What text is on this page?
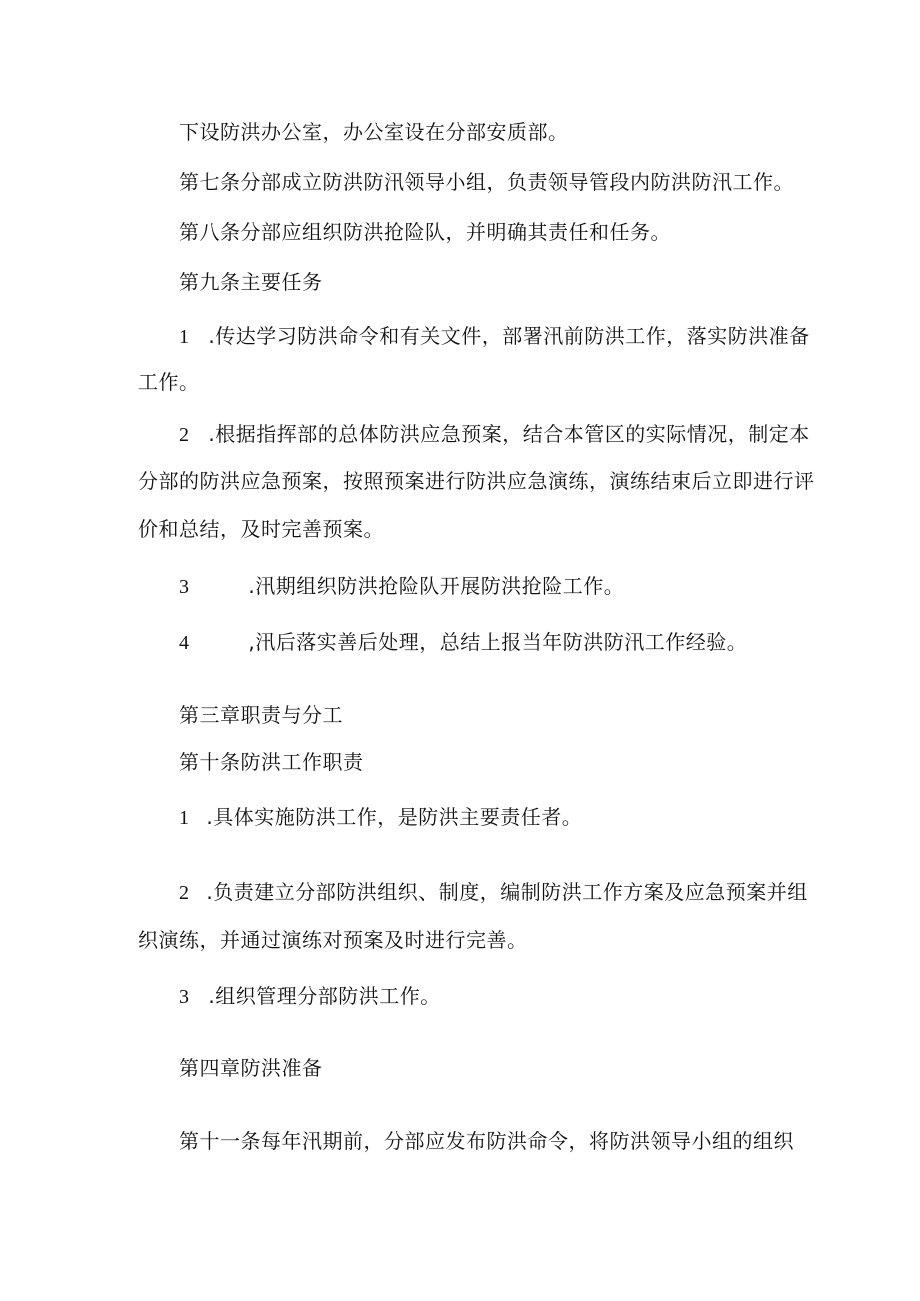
下设防洪办公室，办公室设在分部安质部。
第七条分部成立防洪防汛领导小组，负责领导管段内防洪防汛工作。
第八条分部应组织防洪抢险队，并明确其责任和任务。
第九条主要任务
1 .传达学习防洪命令和有关文件，部署汛前防洪工作，落实防洪准备
工作。
2 .根据指挥部的总体防洪应急预案，结合本管区的实际情况，制定本
分部的防洪应急预案，按照预案进行防洪应急演练，演练结束后立即进行评
价和总结，及时完善预案。
3	.汛期组织防洪抢险队开展防洪抢险工作。
4	,汛后落实善后处理，总结上报当年防洪防汛工作经验。
第三章职责与分工
第十条防洪工作职责
1 .具体实施防洪工作，是防洪主要责任者。
2 .负责建立分部防洪组织、制度，编制防洪工作方案及应急预案并组
织演练，并通过演练对预案及时进行完善。
3 .组织管理分部防洪工作。
第四章防洪准备
第十一条每年汛期前，分部应发布防洪命令，将防洪领导小组的组织
